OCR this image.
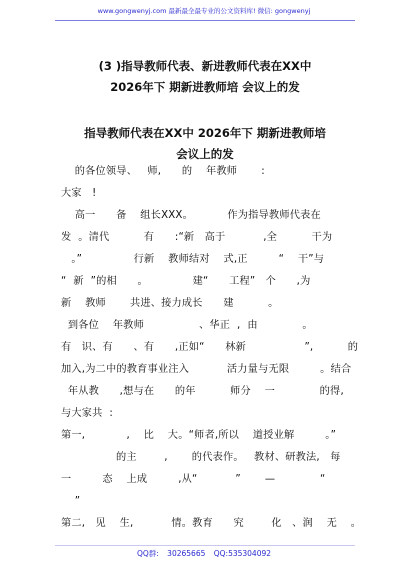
www.gongwenyj.com 最新最全最专业的公文资料库! 微信: gongwenyj
(3 )指导教师代表、新进教师代表在XX中
2026年下 期新进教师培 会议上的发
指导教师代表在XX中 2026年下 期新进教师培
会议上的发
的各位领导、   师,      的    年教师       :
大家   !
高一      备    组长XXX。          作为指导教师代表在
发  。清代          有      :“新   高于           ,全          干为
。”               行新    教师结对    式,正         “    干”与
“  新  ”的相      。             建“      工程”   个      ,为
新    教师       共进、接力成长      建          。
到各位    年教师                、华正  ,  由             。
有   识、有      、有      ,正如“      林新                 ”,          的
加入,为二中的教育事业注入           活力量与无限         。结合
年从教      ,想与在      的年          师分    一             的得,
与大家共  :
第一,            ,    比    大。“师者,所以    道授业解         。”
的主        ,       的代表作。   教材、研教法,   每
一         态    上成         ,从“           ”       —             “
”
第二,   见    生,           情。教育      究        化   、润    无    。
QQ群: 30265665 QQ:535304092
